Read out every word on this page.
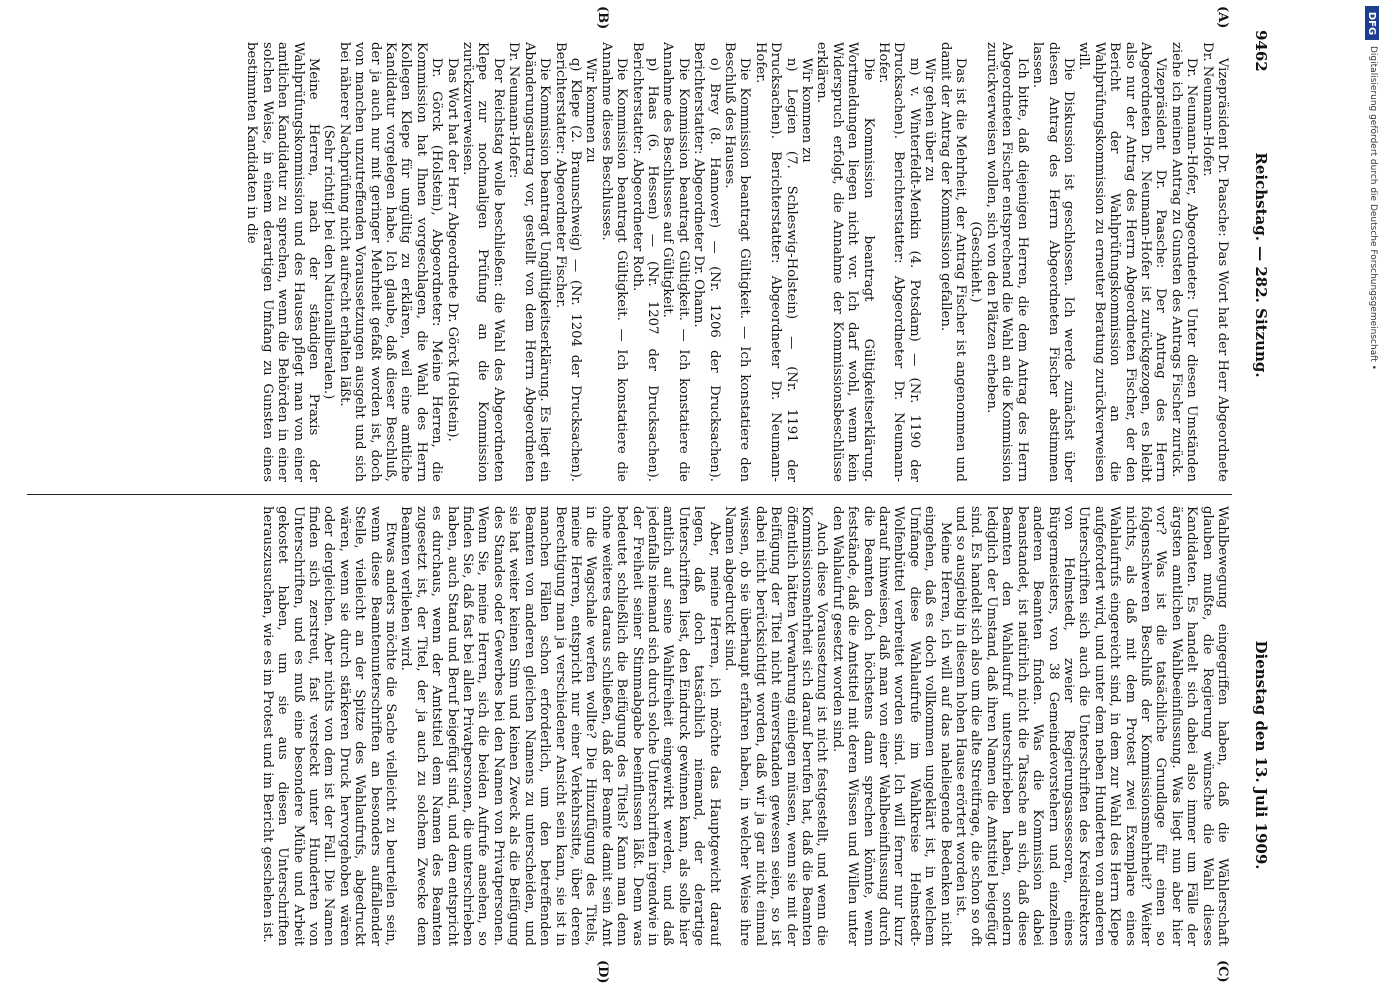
9462
Reichstag. — 282. Sitzung.
Dienstag den 13. Juli 1909.
(A)
(B)
(C)
(D)

Vizepräsident Dr. Paasche: Das Wort hat der Herr Abgeordnete Dr. Neumann-Hofer.

Dr. Neumann-Hofer, Abgeordneter: Unter diesen Umständen ziehe ich meinen Antrag zu Gunsten des Antrags Fischer zurück.

Vizepräsident Dr. Paasche: Der Antrag des Herrn Abgeordneten Dr. Neumann-Hofer ist zurückgezogen, es bleibt also nur der Antrag des Herrn Abgeordneten Fischer, der den Bericht der Wahlprüfungskommission an die Wahlprüfungskommission zu erneuter Beratung zurückverweisen will.

Die Diskussion ist geschlossen. Ich werde zunächst über diesen Antrag des Herrn Abgeordneten Fischer abstimmen lassen.

Ich bitte, daß diejenigen Herren, die dem Antrag des Herrn Abgeordneten Fischer entsprechend die Wahl an die Kommission zurückverweisen wollen, sich von den Plätzen erheben.

(Geschieht.)

Das ist die Mehrheit, der Antrag Fischer ist angenommen und damit der Antrag der Kommission gefallen.

Wir gehen über zu

m) v. Winterfeldt-Menkin (4. Potsdam) — (Nr. 1190 der Drucksachen). Berichterstatter: Abgeordneter Dr. Neumann-Hofer.

Die Kommission beantragt Gültigkeitserklärung. Wortmeldungen liegen nicht vor. Ich darf wohl, wenn kein Widerspruch erfolgt, die Annahme der Kommissionsbeschlüsse erklären.

Wir kommen zu

n) Legien (7. Schleswig-Holstein) — (Nr. 1191 der Drucksachen). Berichterstatter: Abgeordneter Dr. Neumann-Hofer.

Die Kommission beantragt Gültigkeit. — Ich konstatiere den Beschluß des Hauses.

o) Brey (8. Hannover) — (Nr. 1206 der Drucksachen). Berichterstatter: Abgeordneter Dr. Ohann.

Die Kommission beantragt Gültigkeit. — Ich konstatiere die Annahme des Beschlusses auf Gültigkeit.

p) Haas (6. Hessen) — (Nr. 1207 der Drucksachen). Berichterstatter: Abgeordneter Roth.

Die Kommission beantragt Gültigkeit. — Ich konstatiere die Annahme dieses Beschlusses.

Wir kommen zu

q) Klepe (2. Braunschweig) — (Nr. 1204 der Drucksachen). Berichterstatter: Abgeordneter Fischer.

Die Kommission beantragt Ungültigkeitserklärung. Es liegt ein Abänderungsantrag vor, gestellt von dem Herrn Abgeordneten Dr. Neumann-Hofer:

Der Reichstag wolle beschließen: die Wahl des Abgeordneten Klepe zur nochmaligen Prüfung an die Kommission zurückzuverweisen.

Das Wort hat der Herr Abgeordnete Dr. Görck (Holstein).

Dr. Görck (Holstein), Abgeordneter: Meine Herren, die Kommission hat Ihnen vorgeschlagen, die Wahl des Herrn Kollegen Klepe für ungültig zu erklären, weil eine amtliche Kandidatur vorgelegen habe. Ich glaube, daß dieser Beschluß, der ja auch nur mit geringer Mehrheit gefaßt worden ist, doch von manchen unzutreffenden Voraussetzungen ausgeht und sich bei näherer Nachprüfung nicht aufrecht erhalten läßt.

(Sehr richtig! bei den Nationalliberalen.)

Meine Herren, nach der ständigen Praxis der Wahlprüfungskommission und des Hauses pflegt man von einer amtlichen Kandidatur zu sprechen, wenn die Behörden in einer solchen Weise, in einem derartigen Umfang zu Gunsten eines bestimmten Kandidaten in die

Wahlbewegung eingegriffen haben, daß die Wählerschaft glauben mußte, die Regierung wünsche die Wahl dieses Kandidaten. Es handelt sich dabei also immer um Fälle der ärgsten amtlichen Wahlbeeinflussung. Was liegt nun aber hier vor? Was ist die tatsächliche Grundlage für einen so folgenschweren Beschluß der Kommissionsmehrheit? Weiter nichts, als daß mit dem Protest zwei Exemplare eines Wahlaufrufs eingereicht sind, in dem zur Wahl des Herrn Klepe aufgefordert wird, und unter dem neben Hunderten von anderen Unterschriften sich auch die Unterschriften des Kreisdirektors von Helmstedt, zweier Regierungsassessoren, eines Bürgermeisters, von 38 Gemeindevorstehern und einzelnen anderen Beamten finden. Was die Kommission dabei beanstandet, ist natürlich nicht die Tatsache an sich, daß diese Beamten den Wahlaufruf unterschrieben haben, sondern lediglich der Umstand, daß ihren Namen die Amtstitel beigefügt sind. Es handelt sich also um die alte Streitfrage, die schon so oft und so ausgiebig in diesem hohen Hause erörtert worden ist.

Meine Herren, ich will auf das naheliegende Bedenken nicht eingehen, daß es doch vollkommen ungeklärt ist, in welchem Umfange diese Wahlaufrufe im Wahlkreise Helmstedt-Wolfenbüttel verbreitet worden sind. Ich will ferner nur kurz darauf hinweisen, daß man von einer Wahlbeeinflussung durch die Beamten doch höchstens dann sprechen könnte, wenn feststände, daß die Amtstitel mit deren Wissen und Willen unter den Wahlaufruf gesetzt worden sind.

Auch diese Voraussetzung ist nicht festgestellt, und wenn die Kommissionsmehrheit sich darauf berufen hat, daß die Beamten öffentlich hätten Verwahrung einlegen müssen, wenn sie mit der Beifügung der Titel nicht einverstanden gewesen seien, so ist dabei nicht berücksichtigt worden, daß wir ja gar nicht einmal wissen, ob sie überhaupt erfahren haben, in welcher Weise ihre Namen abgedruckt sind.

Aber, meine Herren, ich möchte das Hauptgewicht darauf legen, daß doch tatsächlich niemand, der derartige Unterschriften liest, den Eindruck gewinnen kann, als solle hier amtlich auf seine Wahlfreiheit eingewirkt werden, und daß jedenfalls niemand sich durch solche Unterschriften irgendwie in der Freiheit seiner Stimmabgabe beeinflussen läßt. Denn was bedeutet schließlich die Beifügung des Titels? Kann man denn ohne weiteres daraus schließen, daß der Beamte damit sein Amt in die Wagschale werfen wollte? Die Hinzufügung des Titels, meine Herren, entspricht nur einer Verkehrssitte, über deren Berechtigung man ja verschiedener Ansicht sein kann, sie ist in manchen Fällen schon erforderlich, um den betreffenden Beamten von anderen gleichen Namens zu unterscheiden, und sie hat weiter keinen Sinn und keinen Zweck als die Beifügung des Standes oder Gewerbes bei den Namen von Privatpersonen. Wenn Sie, meine Herren, sich die beiden Aufrufe ansehen, so finden Sie, daß fast bei allen Privatpersonen, die unterschrieben haben, auch Stand und Beruf beigefügt sind, und dem entspricht es durchaus, wenn der Amtstitel dem Namen des Beamten zugesetzt ist, der Titel, der ja auch zu solchem Zwecke dem Beamten verliehen wird.

Etwas anders möchte die Sache vielleicht zu beurteilen sein, wenn diese Beamtenunterschriften an besonders auffallender Stelle, vielleicht an der Spitze des Wahlaufrufs, abgedruckt wären, wenn sie durch stärkeren Druck hervorgehoben wären oder dergleichen. Aber nichts von dem ist der Fall. Die Namen finden sich zerstreut, fast versteckt unter Hunderten von Unterschriften, und es muß eine besondere Mühe und Arbeit gekostet haben, um sie aus diesen Unterschriften herauszusuchen, wie es im Protest und im Bericht geschehen ist.

DFG
Digitalisierung gefördert durch die Deutsche Forschungsgemeinschaft •
